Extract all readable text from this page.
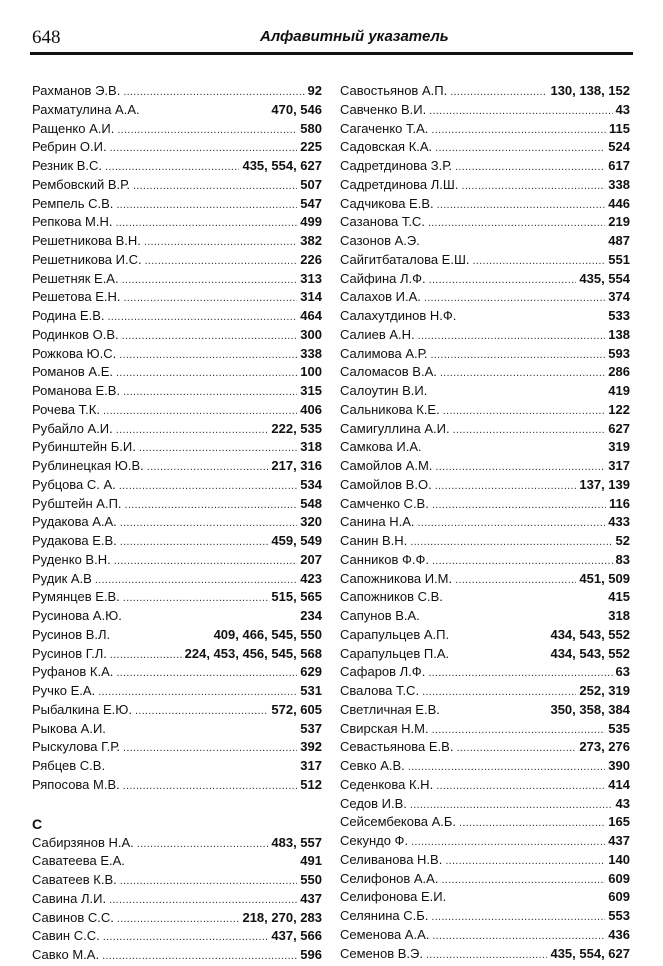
648	Алфавитный указатель
Рахманов Э.В. . . .	92
Рахматулина А.А.	470, 546
Ращенко А.И. . . .	580
Ребрин О.И. . . .	225
Резник В.С. . . .	435, 554, 627
Рембовский В.Р. . . .	507
Ремпель С.В. . . .	547
Репкова М.Н. . . .	499
Решетникова В.Н. . . .	382
Решетникова И.С. . . .	226
Решетняк Е.А. . . .	313
Решетова Е.Н. . . .	314
Родина Е.В. . . .	464
Родинков О.В. . . .	300
Рожкова Ю.С. . . .	338
Романов А.Е. . . .	100
Романова Е.В. . . .	315
Рочева Т.К. . . .	406
Рубайло А.И. . . .	222, 535
Рубинштейн Б.И. . . .	318
Рублинецкая Ю.В. . . .	217, 316
Рубцова С. А. . . .	534
Рубштейн А.П. . . .	548
Рудакова А.А. . . .	320
Рудакова Е.В. . . .	459, 549
Руденко В.Н. . . .	207
Рудик А.В . . .	423
Румянцев Е.В. . . .	515, 565
Русинова А.Ю.	234
Русинов В.Л.	409, 466, 545, 550
Русинов Г.Л. . . .	224, 453, 456, 545, 568
Руфанов К.А. . . .	629
Ручко Е.А. . . .	531
Рыбалкина Е.Ю. . . .	572, 605
Рыкова А.И.	537
Рыскулова Г.Р. . . .	392
Рябцев С.В.	317
Ряпосова М.В. . . .	512
С
Сабирзянов Н.А. . . .	483, 557
Саватеева Е.А.	491
Саватеев К.В. . . .	550
Савина Л.И. . . .	437
Савинов С.С. . . .	218, 270, 283
Савин С.С. . . .	437, 566
Савко М.А. . . .	596
Савостьянов А.П. . . .	130, 138, 152
Савченко В.И. . . .	43
Сагаченко Т.А. . . .	115
Садовская К.А. . . .	524
Садретдинова З.Р. . . .	617
Садретдинова Л.Ш. . . .	338
Садчикова Е.В. . . .	446
Сазанова Т.С. . . .	219
Сазонов А.Э.	487
Сайгитбаталова Е.Ш. . . .	551
Сайфина Л.Ф. . . .	435, 554
Салахов И.А. . . .	374
Салахутдинов Н.Ф.	533
Салиев А.Н. . . .	138
Салимова А.Р. . . .	593
Саломасов В.А. . . .	286
Салоутин В.И.	419
Сальникова К.Е. . . .	122
Самигуллина А.И. . . .	627
Самкова И.А.	319
Самойлов А.М. . . .	317
Самойлов В.О. . . .	137, 139
Самченко С.В. . . .	116
Санина Н.А. . . .	433
Санин В.Н. . . .	52
Санников Ф.Ф. . . .	83
Сапожникова И.М. . . .	451, 509
Сапожников С.В.	415
Сапунов В.А.	318
Сарапульцев А.П.	434, 543, 552
Сарапульцев П.А.	434, 543, 552
Сафаров Л.Ф. . . .	63
Свалова Т.С. . . .	252, 319
Светличная Е.В.	350, 358, 384
Свирская Н.М. . . .	535
Севастьянова Е.В. . . .	273, 276
Севко А.В. . . .	390
Седенкова К.Н. . . .	414
Седов И.В. . . .	43
Сейсембекова А.Б. . . .	165
Секундо Ф. . . .	437
Селиванова Н.В. . . .	140
Селифонов А.А. . . .	609
Селифонова Е.И.	609
Селянина С.Б. . . .	553
Семенова А.А. . . .	436
Семенов В.Э. . . .	435, 554, 627
